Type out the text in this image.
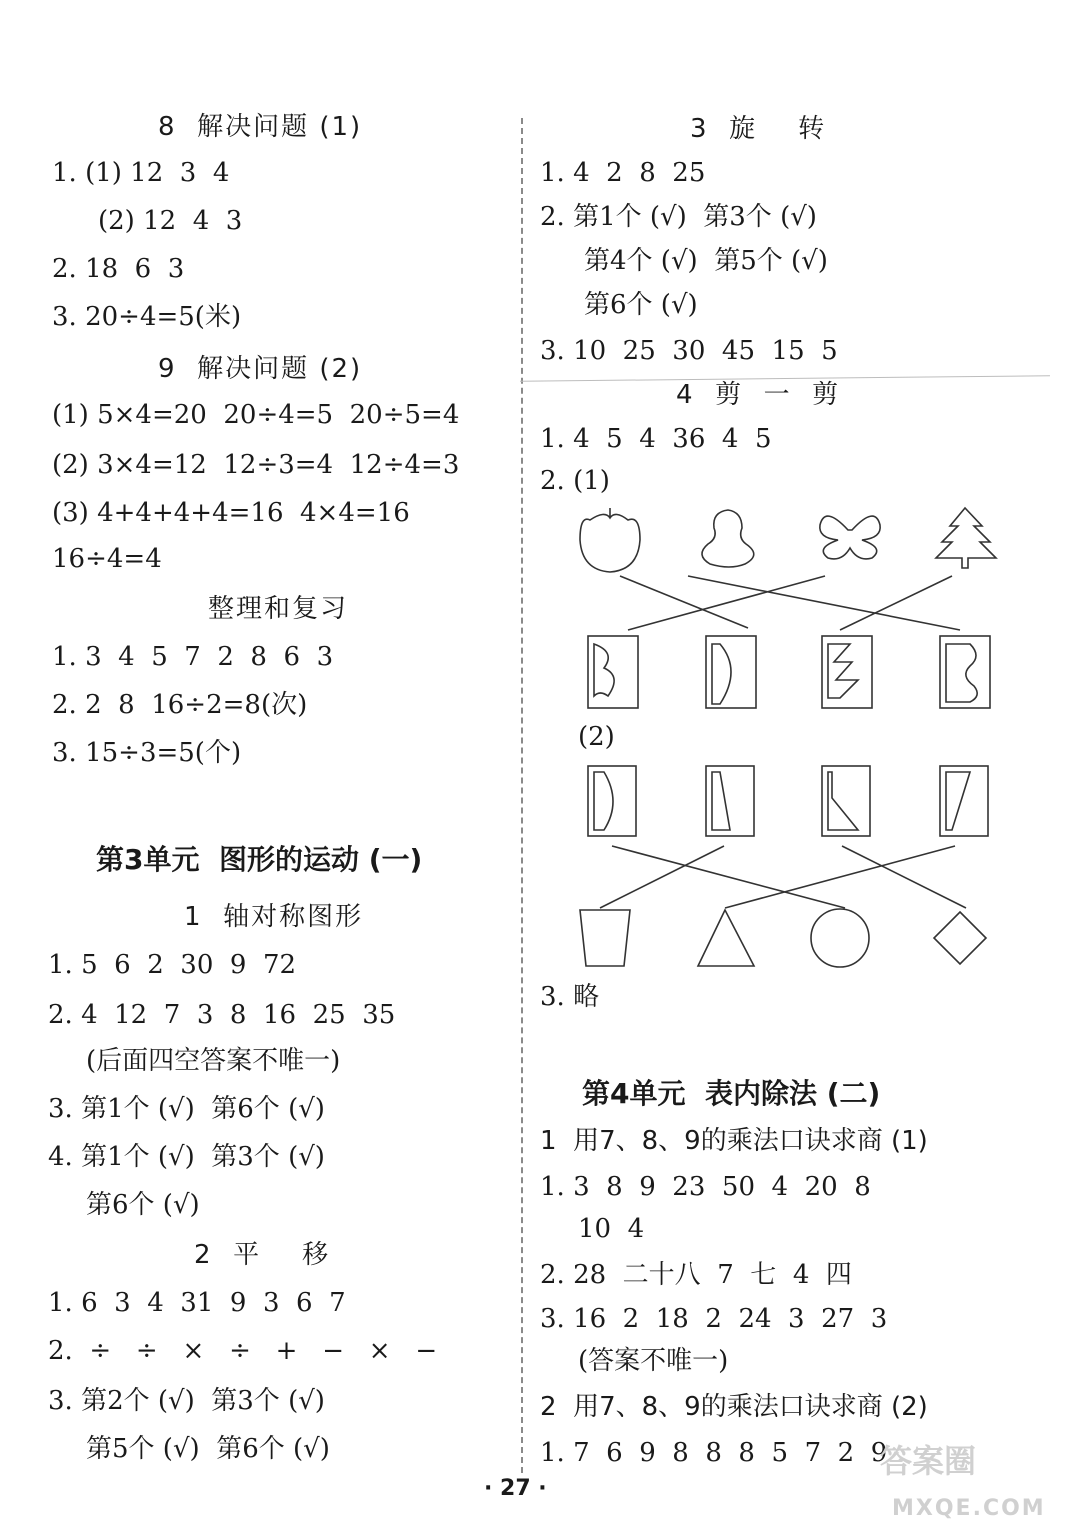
8  解决问题 (1)
1. (1) 12  3  4
(2) 12  4  3
2. 18  6  3
3. 20÷4=5(米)
9  解决问题 (2)
(1) 5×4=20  20÷4=5  20÷5=4
(2) 3×4=12  12÷3=4  12÷4=3
(3) 4+4+4+4=16  4×4=16
16÷4=4
整理和复习
1. 3  4  5  7  2  8  6  3
2. 2  8  16÷2=8(次)
3. 15÷3=5(个)
第3单元  图形的运动 (一)
1  轴对称图形
1. 5  6  2  30  9  72
2. 4  12  7  3  8  16  25  35
(后面四空答案不唯一)
3. 第1个 (√)  第6个 (√)
4. 第1个 (√)  第3个 (√)
第6个 (√)
2  平    移
1. 6  3  4  31  9  3  6  7
2.  ÷   ÷   ×   ÷   +   −   ×   −
3. 第2个 (√)  第3个 (√)
第5个 (√)  第6个 (√)
3  旋    转
1. 4  2  8  25
2. 第1个 (√)  第3个 (√)
第4个 (√)  第5个 (√)
第6个 (√)
3. 10  25  30  45  15  5
4  剪  一  剪
1. 4  5  4  36  4  5
2. (1)
(2)
3. 略
第4单元  表内除法 (二)
1  用7、8、9的乘法口诀求商 (1)
1. 3  8  9  23  50  4  20  8
10  4
2. 28  二十八  7  七  4  四
3. 16  2  18  2  24  3  27  3
(答案不唯一)
2  用7、8、9的乘法口诀求商 (2)
1. 7  6  9  8  8  8  5  7  2  9
· 27 ·
答案圈
MXQE.COM
